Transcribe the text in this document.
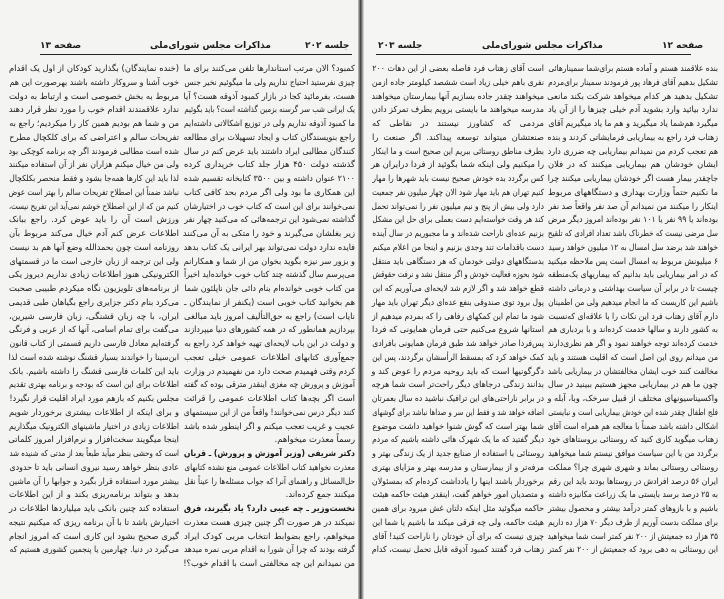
صفحه ۱۳	مذاکرات مجلس شورای‌ملی	جلسه ۲۰۲
(خنده نمایندگان) بگذارید کودکان از اول یک اقدام
خوب آشنا و سروکار داشته باشند بهرصورت این هم
مربوط به بخش خصوصی است و ارتباط به دولت
ندارد علاقمندند اقدام خوب را مورد نظر قرار دهند
من و شما هم بودیم همین کار را میکردیم؛ راجع به
تفریحات سالم و اعتراضی که برای کلکچال مطرح
شده است مطالبی فرمودند اگر چه برنامه کوچکی بود
ولی من خیال میکنم هزاران نفر از آن استفاده میکنند
لذا باید این کارها همه‌جا بشود و فقط منحصر بکلکچال
نباشد ضمناً این اصطلاح تفریحات سالم را بهتر است عوض
کنیم من که از این اصطلاح خوشم نمی‌آید این تفریح نیست،
ورزش است آن را باید عوض کرد. راجع ببانک
اطلاعات عرض کنم آدم خیال می‌کند مربوط بآن
روزنامه است چون بحمدالله وضع آنها هم بد نیست
ولی این ترجمه از زبان خارجی است ما در قسمتهای
الکترونیکی هنوز اطلاعات زیادی نداریم دیروز یکی
از برنامه‌های تلویزیون نگاه میکردم طبیبی صحبت
می‌کرد بنام دکتر جزایری راجع بگیاهان طبی قدیمی
ایران، با چه زبان قشنگی، زبان فارسی شیرین،
می‌گفت برای تمام اسامی، آنها که از عربی و فرنگی
گرفته‌ایم معادل فارسی داریم قسمتی از کتاب قانون
ابن‌سینا را خواندند بسیار قشنگ نوشته شده است لذا
باید این کلمات فارسی قشنگ را داشته باشیم. بانک
اطلاعات برای این است که بودجه و برنامه بهتری تقدیم
مجلس بکنیم که بازهم مورد ایراد اقلیت قرار نگیرد!
و برای اینکه از اطلاعات بیشتری برخوردار شویم
اطلاعات زیادی در اختیار ماشینهای الکترونیک میگذاریم
اینجا میگویند سخت‌افزار و نرم‌افزار امروز کلماتی
است که وحشی بنظر میآید طبعاً بعد از مدتی که شنیده شد
عادی بنظر خواهد رسید نیروی انسانی باید تا حدودی
بیشتر مورد استفاده قرار بگیرد و جوابها را آن ماشین
بدهد و بتواند برنامه‌ریزی بکند و از این اطلاعات
استفاده کند چنین بانکی باید میلیاردها اطلاعات در
اختیارش باشد تا با آن برنامه ریزی که میکنیم نتیجه
گیری صحیح بشود این کاری است که امروز انجام
می‌گیرد در دنیا. چهارمین یا پنجمین کشوری هستیم که
کمبود؟ الان مرتب استاندارها تلفن می‌کنند برای ما
چیزی نفرستید احتیاج نداریم ولی ما میگوئیم نخیر جنس
هست، بفرمائید کجا در بازار کمبود آذوقه هست؟ آیا
یک ایرانی شب سر گرسنه بزمین گذاشته است؟ باید بگوئیم
ما کمبود آذوقه نداریم ولی در توزیع اشکالاتی داشته‌ایم
راجع بنویسندگان کتاب و ایجاد تسهیلات برای مطالعه
کنندگان مطالبی ایراد داشتند باید عرض کنم در سال
گذشته دولت ۴۵۰ هزار جلد کتاب خریداری کرده
۲۱۰۰ عنوان داشته و بین ۳۵۰۰ کتابخانه تقسیم شده
این همکاری ما بود ولی اگر مردم بحد کافی کتاب
نمی‌خوانند برای این است که کتاب خوب در اختیارشان
گذاشته نمی‌شود این ترجمه‌هائی که می‌کنید چهار نفر
زیر بغلشان می‌گیرند و خود را متکی به آن می‌کنند
فایده ندارد دولت نمی‌تواند بهر ایرانی یک کتاب بدهد
و بزور سر نیزه بگوید بخوان من از شما و همکارانم
می‌پرسم سال گذشته چند کتاب خوب خوانده‌اید اخیراً
من کتاب خوبی خوانده‌ام بنام دائی جان ناپلئون شما
هم بخوانید کتاب خوبی است (یکنفر از نمایندگان ـ
نایاب است) راجع به حق‌التألیف امروز باید مبالغی
بپردازیم همانطور که در همه کشورهای دنیا میپردازند
و دولت در این باب لایحه‌ای تهیه خواهد کرد راجع به
جمع‌آوری کتابهای اطلاعات عمومی خیلی تعجب
کردم وقتی فهمیدم صحت دارد من نفهمیدم در وزارت
آموزش و پرورش چه مغزی اینقدر مترقی بوده که گفته
است اگر بچه‌ها کتاب اطلاعات عمومی را قرائت
کنند دیگر درس نمی‌خوانند! واقعاً من از این سیستمهای
عجیب و غریب تعجب میکنم و اگر اینطور شده باشد
رسماً معذرت میخواهم.
دکتر شریفی (وزیر آموزش و پرورش) ـ قربان
معذرت نخواهید کتاب اطلاعات عمومی منع نشده کتابهای
حل‌المسائل و راهنمای آنرا که جواب مسئله‌ها را عیناً نقل
میکنند جمع کرده‌اند.
نخست‌وزیر ـ چه عیبی دارد؟ یاد بگیرند، فرق
نمیکند در هر صورت اگر چنین چیزی هست معذرت
میخواهم، راجع بضوابط انتخاب مربی کودک ایراد
گرفته بودند که چرا آن شورا به اقدام مربی نمره میدهد
من نمیدانم این چه مخالفتی است با اقدام خوب؟!
جلسه ۲۰۳	مذاکرات مجلس شورای‌ملی	صفحه ۱۲
است آقای زهتاب فرد فاصله بعضی از این دهات ۲۰۰
نفری باهم خیلی زیاد است ششصد کیلومتر جاده ازمن
میخواهند چقدر جاده بسازیم آنها بیمارستان میخواهند
مدرسه میخواهند ما بایستی برویم بطرف تمرکز دادن
مردمی که کشاورز نیستند در نقاطی که
صنعتشان میتواند توسعه پیداکند. اگر صنعت را
بطرف مناطق روستائی ببریم این صحیح است و ما اینکار
را میکنیم ولی اینکه شما بگوئید از فردا درایران هر
کس برگردد بده خودش صحیح نیست باید شهرها را مهار
کنیم تهران هم باید مهار شود الان چهار میلیون نفر جمعیت
دارد ولی بیش از پنج و نیم میلیون نفر را نمی‌تواند تحمل
کند هر وقت خواسته‌ایم دست بعملی برای حل این مشکل
بزنیم عده‌ای ناراحت شده‌اند و ما مجبوریم در سال آینده
دست باقدامات تند وجدی بزنیم و اینجا من اعلام میکنم
بدستگاههای دولتی خودمان که هر دستگاهی باید منتقل
شود بحوزه فعالیت خودش و اگر منتقل نشد و نرفت حقوقش
قطع خواهد شد و اگر لازم شد لایحه‌ای می‌آوریم که این
پول برود توی صندوقی بنفع عده‌ای دیگر تهران باید مهار
شود ما تمام این کمکهای رفاهی را که بمردم میدهیم از
استانها شروع می‌کنیم حتی فرمان همایونی که فردا
پس‌فردا صادر خواهد شد طبق فرمان همایونی بافرادی
کمک خواهد کرد که بمسقط الرأسشان برگردند، پس این
دگرگونیها است که باید روحیه مردم را عوض کند و
بدانند زندگی درجاهای دیگر راحت‌تر است شما هرچه
در برابر ناراحتی‌های این ترافیک نباشید ده سال بعمرتان
اضافه خواهد شد و فقط این سر و صداها نباشد برای گوشهای
شما بهتر است که گوش شنوا خواهید داشت موضوع
دیگر گفتید که ما یک شهرک هائی داشته باشیم که مردم
روستائی با استفاده از صنایع جدید از یک زندگی بهتر و
مرفه‌تر و از بیمارستان و مدرسه بهتر و مزایای بهتری
برخوردار باشند اینها را یادداشت کرده‌ام که بمسئولان
و متصدیان امور خواهم گفت، اینقدر هیئت حاکمه هیئت
حاکمه میگوئید مثل اینکه دلتان غش میرود برای همین
هیئت حاکمه، ولی چه فرقی میکند ما باشیم یا شما این
چیزی نیست که برای آن خودتان را ناراحت کنید! آقای
زهتاب فرد گفتند کمبود آذوقه قابل تحمل نیست، کدام
بنده علاقمند هستم و آماده هستم برای‌شما سمینارهائی
تشکیل بدهیم آقای فرهاد پور فرمودند سمینار برای‌مردم
تشکیل بدهید هر کدام میخواهد شرکت بکند مانعی
ندارد بیائید وارد بشوید آدم خیلی چیزها را از آن یاد
میگیرد هم‌شما یاد میگیرید و هم ما یاد میگیریم آقای
زهتاب فرد راجع به بیماریابی فرمایشاتی کردند و بنده
هم تعجب کردم من نمیدانم بیماریابی چه ضرری دارد
ایشان خودشان هم بیماریابی میکنند که در فلان
جاچقدر بیمار هست اگر خودشان بیماریابی میکنند چرا
ما نکنیم حتماً وزارت بهداری و دستگاههای مربوط
اینکار را میکنند من نمیدانم آن صد نفر واقعاً صد نفر
بوده‌اند یا ۹۹ نفر یا ۱۰۱ نفر بوده‌اند امروز دیگر مرض
سل مرضی نیست که خطرناک باشد تعداد افرادی که تلقیح
خواهند شد برضد سل امسال به ۱۲ میلیون خواهد رسید
۶ میلیونش مربوط به امسال است پس ملاحظه میکنید
که در امر بیماریابی باید بدانیم که بیماریهای یک‌منطقه
چیست تا در برابر آن سیاست بهداشتی و درمانی داشته
باشیم این کاریست که ما انجام میدهیم ولی من اطمینان
دارم آقای زهتاب فرد این نکات را با علاقه‌ای که‌نسبت
به کشور دارند و سالها خدمت کرده‌اند و با بردباری هم
خدمت کرده‌اند توجه خواهند نمود و اگر هم نظری‌دارند
من میدانم روی این اصل است که اقلیت هستند و باید
مخالفت کنند خوب ایشان مخالفتشان در بیماریابی باشد
چون ما هم در بیماریابی مجهز هستیم ببینید در سال
واکسیناسیونهای مختلف از قبیل سرخک، وبا، آبله و
فلج اطفال چقدر شده این خودش بیماریابی است و نبایستی
اشکالی داشته باشد ضمناً با معالجه هم همراه است آقای
زهتاب میگوید کاری کنید که روستائی بروستاهای خود
برگردد من با این سیاست موافق نیستم شما میخواهید
روستائی روستائی بماند و شهری شهری چرا؟ مملکت
ایران ۵۶ درصد افرادش در روستاها بودند باید این رقم
به ۲۵ درصد برسد بایستی ما یک زراعت مکانیزه داشته
باشیم و با بازوهای کمتر درآمد بیشتر و محصول بیشتر
برای مملکت بدست آوریم از طرف دیگر ۷۰ هزار ده داریم
۳۵ هزار ده جمعیتش از ۲۰۰ نفر کمتر است شما میخواهید
این روستائی به دهی برود که جمعیتش از ۲۰۰ نفر کمتر
